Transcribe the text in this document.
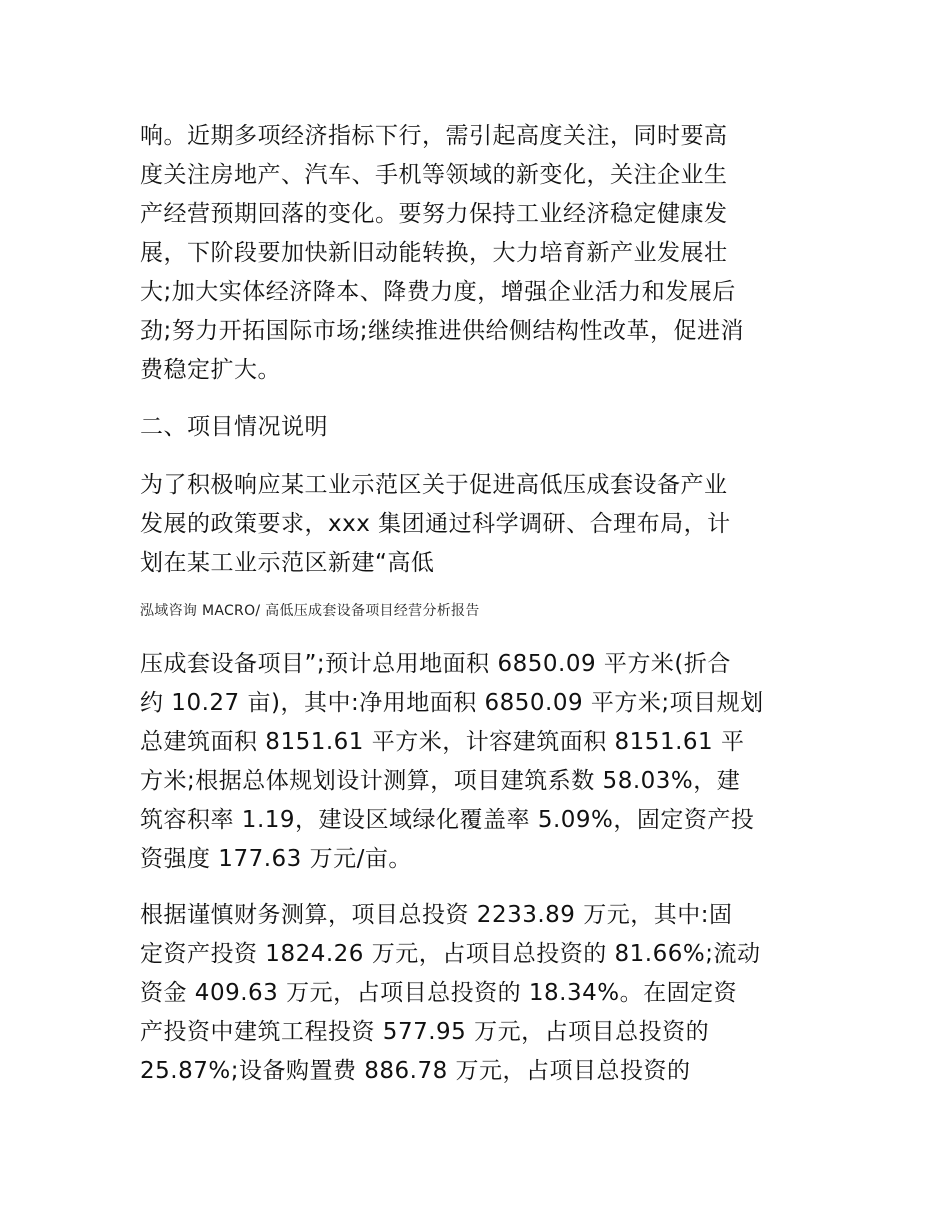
响。近期多项经济指标下行，需引起高度关注，同时要高
度关注房地产、汽车、手机等领域的新变化，关注企业生
产经营预期回落的变化。要努力保持工业经济稳定健康发
展，下阶段要加快新旧动能转换，大力培育新产业发展壮
大;加大实体经济降本、降费力度，增强企业活力和发展后
劲;努力开拓国际市场;继续推进供给侧结构性改革，促进消
费稳定扩大。

二、项目情况说明

为了积极响应某工业示范区关于促进高低压成套设备产业
发展的政策要求，xxx 集团通过科学调研、合理布局，计
划在某工业示范区新建“高低

泓域咨询 MACRO/ 高低压成套设备项目经营分析报告

压成套设备项目”;预计总用地面积 6850.09 平方米(折合
约 10.27 亩)，其中:净用地面积 6850.09 平方米;项目规划
总建筑面积 8151.61 平方米，计容建筑面积 8151.61 平
方米;根据总体规划设计测算，项目建筑系数 58.03%，建
筑容积率 1.19，建设区域绿化覆盖率 5.09%，固定资产投
资强度 177.63 万元/亩。

根据谨慎财务测算，项目总投资 2233.89 万元，其中:固
定资产投资 1824.26 万元，占项目总投资的 81.66%;流动
资金 409.63 万元，占项目总投资的 18.34%。在固定资
产投资中建筑工程投资 577.95 万元，占项目总投资的
25.87%;设备购置费 886.78 万元，占项目总投资的
